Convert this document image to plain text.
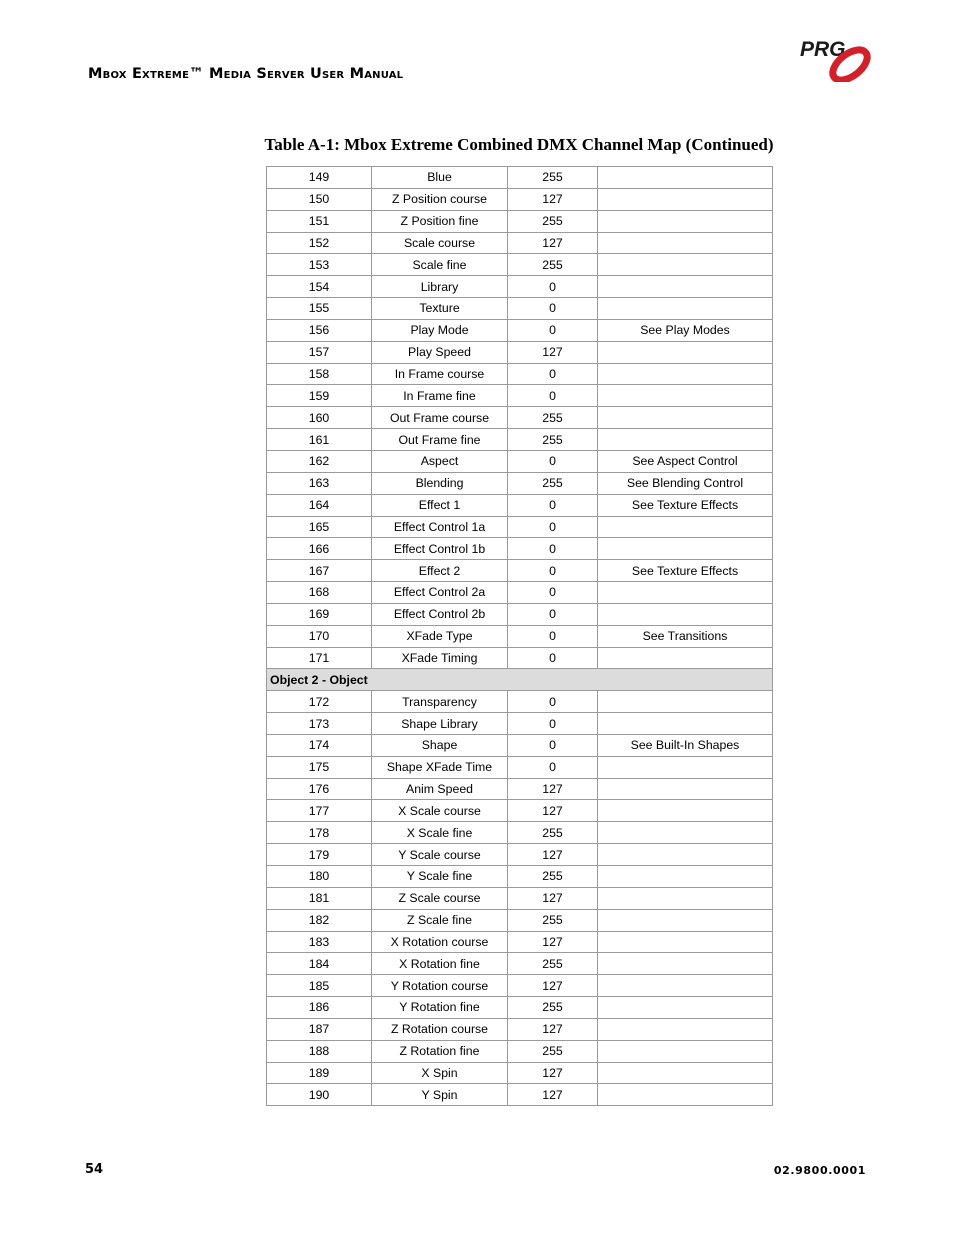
Mbox Extreme™ Media Server User Manual
PRG
Table A-1: Mbox Extreme Combined DMX Channel Map (Continued)
149	Blue	255	
150	Z Position course	127	
151	Z Position fine	255	
152	Scale course	127	
153	Scale fine	255	
154	Library	0	
155	Texture	0	
156	Play Mode	0	See Play Modes
157	Play Speed	127	
158	In Frame course	0	
159	In Frame fine	0	
160	Out Frame course	255	
161	Out Frame fine	255	
162	Aspect	0	See Aspect Control
163	Blending	255	See Blending Control
164	Effect 1	0	See Texture Effects
165	Effect Control 1a	0	
166	Effect Control 1b	0	
167	Effect 2	0	See Texture Effects
168	Effect Control 2a	0	
169	Effect Control 2b	0	
170	XFade Type	0	See Transitions
171	XFade Timing	0	
Object 2 - Object			
172	Transparency	0	
173	Shape Library	0	
174	Shape	0	See Built-In Shapes
175	Shape XFade Time	0	
176	Anim Speed	127	
177	X Scale course	127	
178	X Scale fine	255	
179	Y Scale course	127	
180	Y Scale fine	255	
181	Z Scale course	127	
182	Z Scale fine	255	
183	X Rotation course	127	
184	X Rotation fine	255	
185	Y Rotation course	127	
186	Y Rotation fine	255	
187	Z Rotation course	127	
188	Z Rotation fine	255	
189	X Spin	127	
190	Y Spin	127	
54	02.9800.0001
